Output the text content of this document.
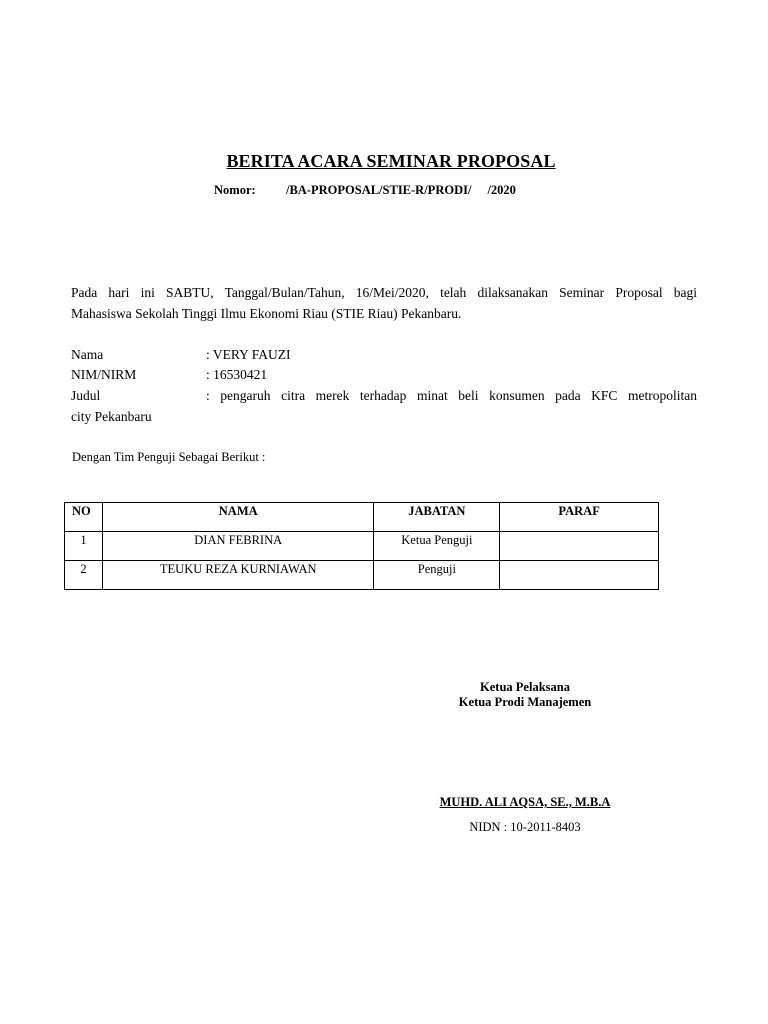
BERITA ACARA SEMINAR PROPOSAL
Nomor: /BA-PROPOSAL/STIE-R/PRODI/ /2020
Pada hari ini SABTU, Tanggal/Bulan/Tahun, 16/Mei/2020, telah dilaksanakan Seminar Proposal bagi
Mahasiswa Sekolah Tinggi Ilmu Ekonomi Riau (STIE Riau) Pekanbaru.
Nama	: VERY FAUZI
NIM/NIRM	: 16530421
Judul	: pengaruh citra merek terhadap minat beli konsumen pada KFC metropolitan
city Pekanbaru
Dengan Tim Penguji Sebagai Berikut :
NO	NAMA	JABATAN	PARAF
1	DIAN FEBRINA	Ketua Penguji	
2	TEUKU REZA KURNIAWAN	Penguji	
Ketua Pelaksana
Ketua Prodi Manajemen
MUHD. ALI AQSA, SE., M.B.A
NIDN : 10-2011-8403
